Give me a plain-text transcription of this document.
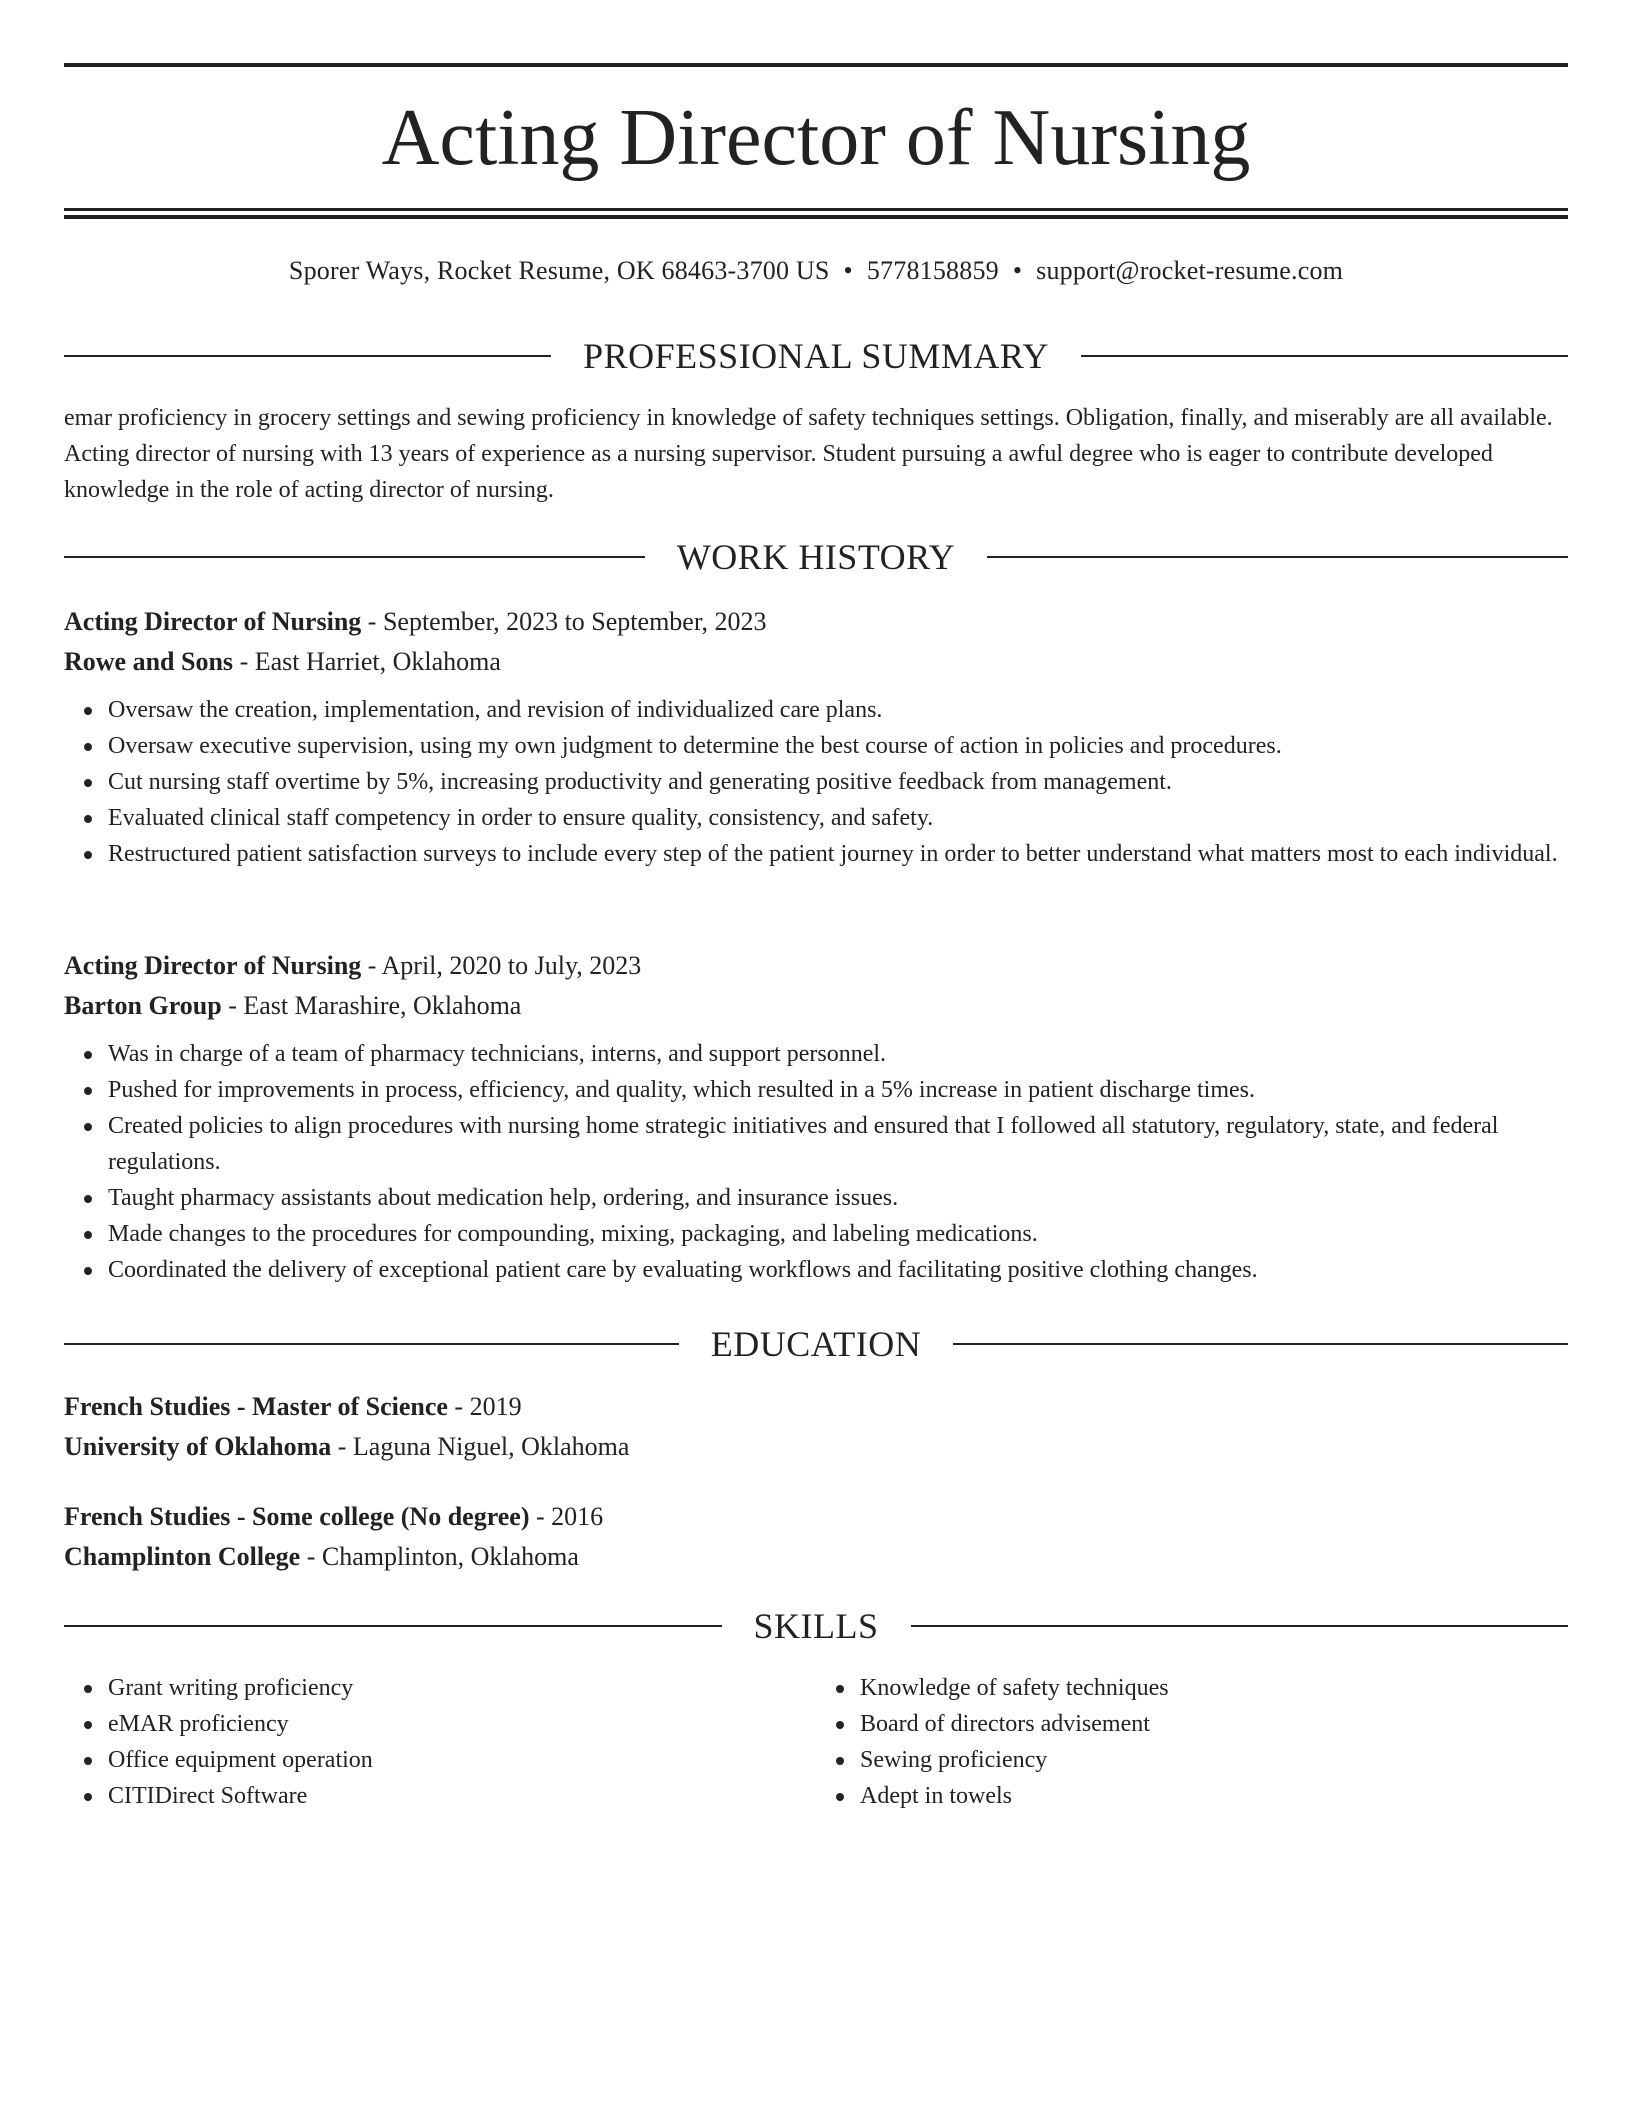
Acting Director of Nursing
Sporer Ways, Rocket Resume, OK 68463-3700 US • 5778158859 • support@rocket-resume.com
PROFESSIONAL SUMMARY

emar proficiency in grocery settings and sewing proficiency in knowledge of safety techniques settings. Obligation, finally, and miserably are all available. Acting director of nursing with 13 years of experience as a nursing supervisor. Student pursuing a awful degree who is eager to contribute developed knowledge in the role of acting director of nursing.

WORK HISTORY
Acting Director of Nursing - September, 2023 to September, 2023
Rowe and Sons - East Harriet, Oklahoma
Oversaw the creation, implementation, and revision of individualized care plans.
Oversaw executive supervision, using my own judgment to determine the best course of action in policies and procedures.
Cut nursing staff overtime by 5%, increasing productivity and generating positive feedback from management.
Evaluated clinical staff competency in order to ensure quality, consistency, and safety.
Restructured patient satisfaction surveys to include every step of the patient journey in order to better understand what matters most to each individual.
Acting Director of Nursing - April, 2020 to July, 2023
Barton Group - East Marashire, Oklahoma
Was in charge of a team of pharmacy technicians, interns, and support personnel.
Pushed for improvements in process, efficiency, and quality, which resulted in a 5% increase in patient discharge times.
Created policies to align procedures with nursing home strategic initiatives and ensured that I followed all statutory, regulatory, state, and federal regulations.
Taught pharmacy assistants about medication help, ordering, and insurance issues.
Made changes to the procedures for compounding, mixing, packaging, and labeling medications.
Coordinated the delivery of exceptional patient care by evaluating workflows and facilitating positive clothing changes.
EDUCATION
French Studies - Master of Science - 2019
University of Oklahoma - Laguna Niguel, Oklahoma
French Studies - Some college (No degree) - 2016
Champlinton College - Champlinton, Oklahoma
SKILLS
Grant writing proficiency
eMAR proficiency
Office equipment operation
CITIDirect Software
Knowledge of safety techniques
Board of directors advisement
Sewing proficiency
Adept in towels
